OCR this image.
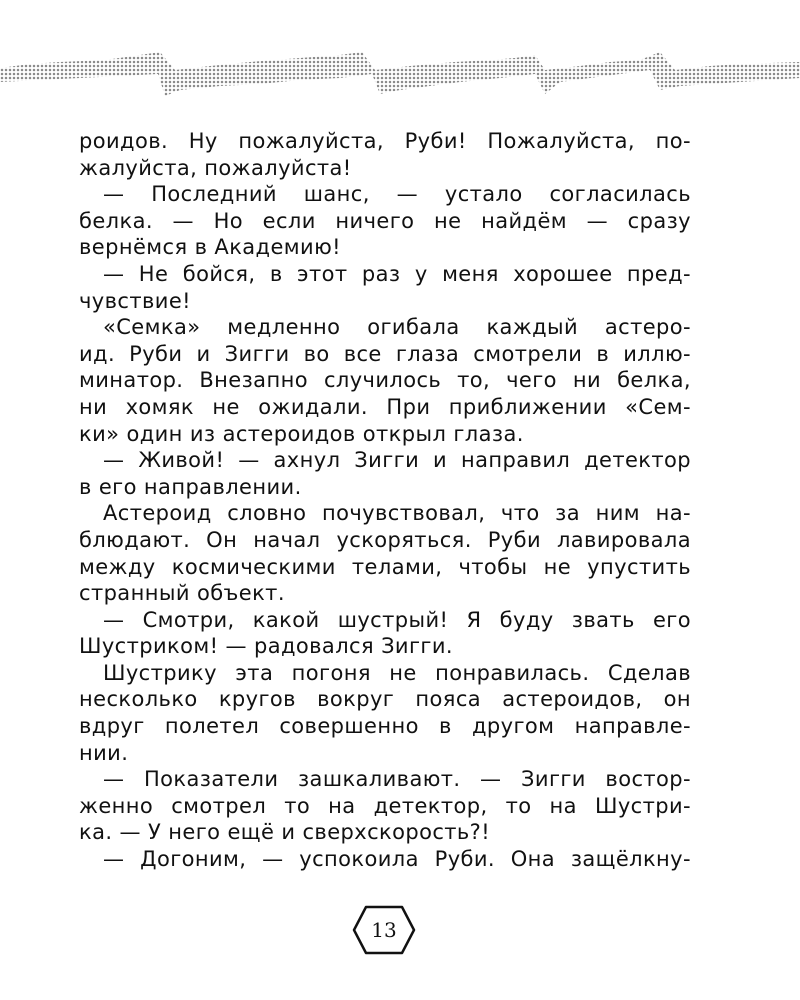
роидов. Ну пожалуйста, Руби! Пожалуйста, по-
жалуйста, пожалуйста!
— Последний шанс, — устало согласилась
белка. — Но если ничего не найдём — сразу
вернёмся в Академию!
— Не бойся, в этот раз у меня хорошее пред-
чувствие!
«Семка» медленно огибала каждый астеро-
ид. Руби и Зигги во все глаза смотрели в иллю-
минатор. Внезапно случилось то, чего ни белка,
ни хомяк не ожидали. При приближении «Сем-
ки» один из астероидов открыл глаза.
— Живой! — ахнул Зигги и направил детектор
в его направлении.
Астероид словно почувствовал, что за ним на-
блюдают. Он начал ускоряться. Руби лавировала
между космическими телами, чтобы не упустить
странный объект.
— Смотри, какой шустрый! Я буду звать его
Шустриком! — радовался Зигги.
Шустрику эта погоня не понравилась. Сделав
несколько кругов вокруг пояса астероидов, он
вдруг полетел совершенно в другом направле-
нии.
— Показатели зашкаливают. — Зигги востор-
женно смотрел то на детектор, то на Шустри-
ка. — У него ещё и сверхскорость?!
— Догоним, — успокоила Руби. Она защёлкну-
13
